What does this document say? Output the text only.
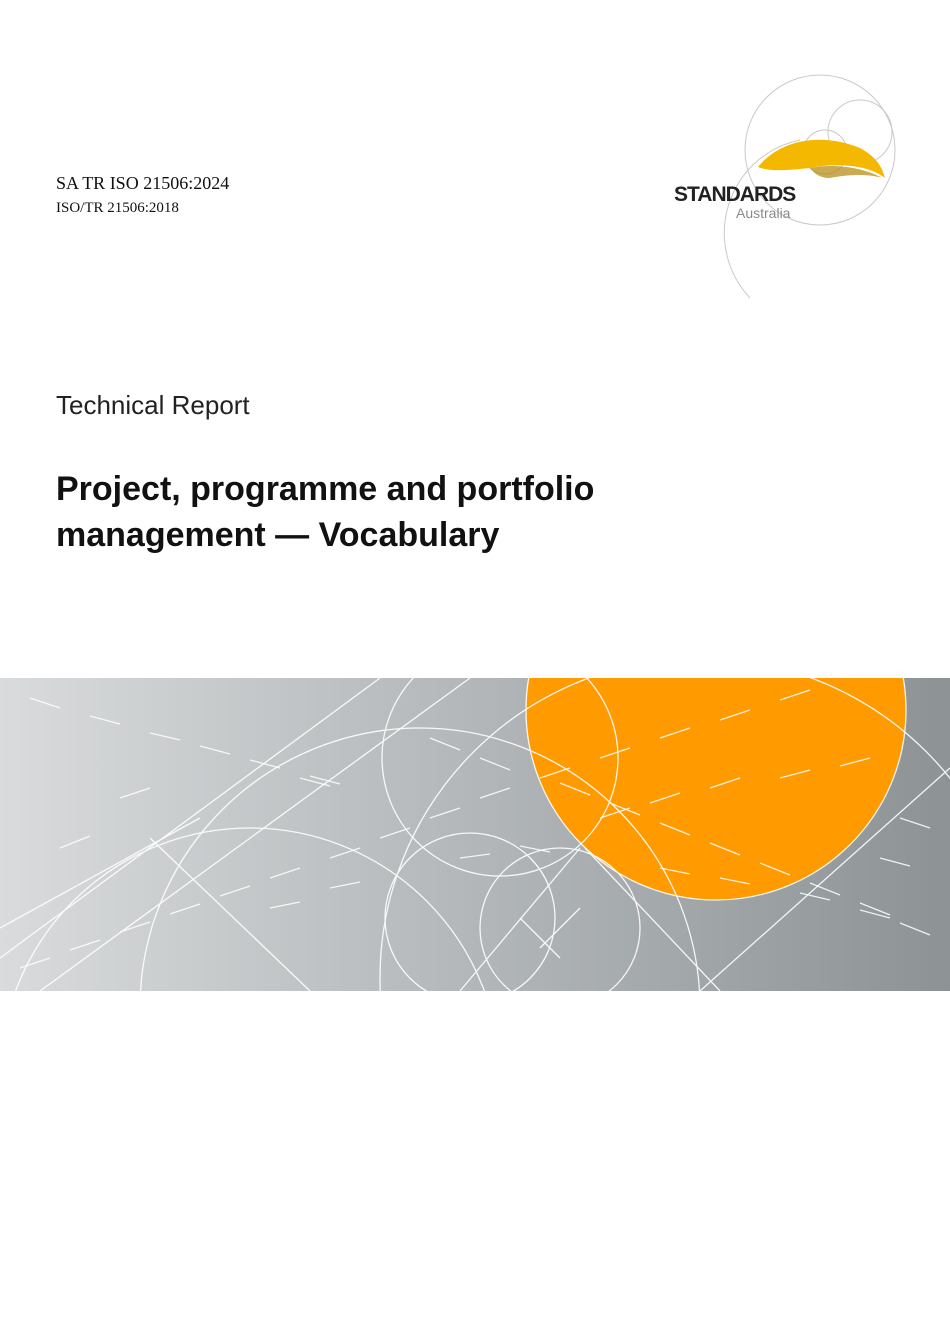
SA TR ISO 21506:2024
ISO/TR 21506:2018
STANDARDS
Australia
Technical Report
Project, programme and portfolio
management — Vocabulary
